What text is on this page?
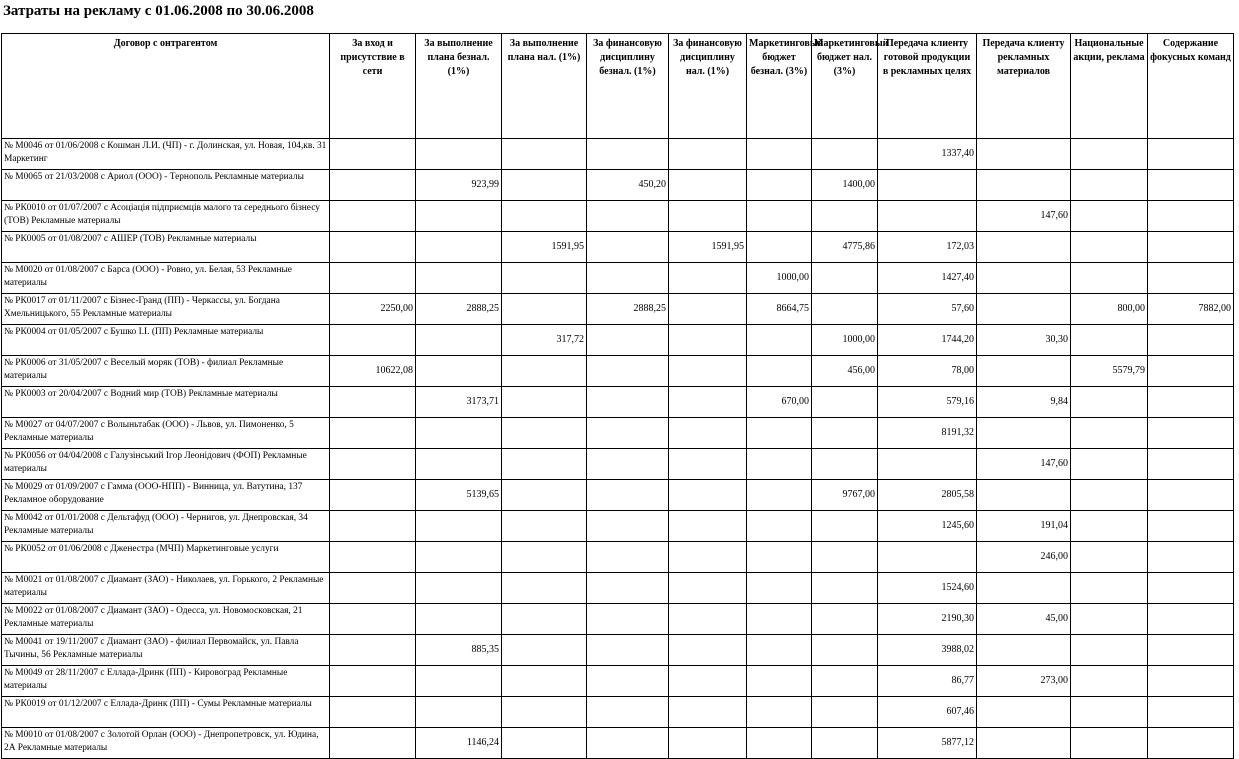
Затраты на рекламу с 01.06.2008 по 30.06.2008
Договор с онтрагентом	За вход и присутствие в сети	За выполнение плана безнал. (1%)	За выполнение плана нал. (1%)	За финансовую дисциплину безнал. (1%)	За финансовую дисциплину нал. (1%)	Маркетинговый бюджет безнал. (3%)	Маркетинговый бюджет нал. (3%)	Передача клиенту готовой продукции в рекламных целях	Передача клиенту рекламных материалов	Национальные акции, реклама	Содержание фокусных команд
№ М0046 от 01/06/2008 с Кошман Л.И. (ЧП) - г. Долинская, ул. Новая, 104,кв. 31 Маркетинг								1337,40			
№ М0065 от 21/03/2008 с Ариол (ООО) - Тернополь Рекламные материалы		923,99		450,20			1400,00				
№ РК0010 от 01/07/2007 с Асоціація підприємців малого та середнього бізнесу (ТОВ) Рекламные материалы									147,60		
№ РК0005 от 01/08/2007 с АШЕР (ТОВ) Рекламные материалы			1591,95		1591,95		4775,86	172,03			
№ М0020 от 01/08/2007 с Барса (ООО) - Ровно, ул. Белая, 53 Рекламные материалы						1000,00		1427,40			
№ РК0017 от 01/11/2007 с Бізнес-Гранд (ПП) - Черкассы, ул. Богдана Хмельницького, 55 Рекламные материалы	2250,00	2888,25		2888,25		8664,75		57,60		800,00	7882,00
№ РК0004 от 01/05/2007 с Бушко І.І. (ПП) Рекламные материалы			317,72				1000,00	1744,20	30,30		
№ РК0006 от 31/05/2007 с Веселый моряк (ТОВ) - филиал Рекламные материалы	10622,08						456,00	78,00		5579,79	
№ РК0003 от 20/04/2007 с Водний мир (ТОВ) Рекламные материалы		3173,71				670,00		579,16	9,84		
№ М0027 от 04/07/2007 с Волыньтабак (ООО) - Львов, ул. Пимоненко, 5 Рекламные материалы								8191,32			
№ РК0056 от 04/04/2008 с Галузінський Ігор Леонідович (ФОП) Рекламные материалы									147,60		
№ М0029 от 01/09/2007 с Гамма (ООО-НПП) - Винница, ул. Ватутина, 137 Рекламное оборудование		5139,65					9767,00	2805,58			
№ М0042 от 01/01/2008 с Дельтафуд (ООО) - Чернигов, ул. Днепровская, 34 Рекламные материалы								1245,60	191,04		
№ РК0052 от 01/06/2008 с Дженестра (МЧП) Маркетинговые услуги									246,00		
№ М0021 от 01/08/2007 с Диамант (ЗАО) - Николаев, ул. Горького, 2 Рекламные материалы								1524,60			
№ М0022 от 01/08/2007 с Диамант (ЗАО) - Одесса, ул. Новомосковская, 21 Рекламные материалы								2190,30	45,00		
№ М0041 от 19/11/2007 с Диамант (ЗАО) - филиал Первомайск, ул. Павла Тычины, 56 Рекламные материалы		885,35						3988,02			
№ М0049 от 28/11/2007 с Еллада-Дринк (ПП) - Кировоград Рекламные материалы								86,77	273,00		
№ РК0019 от 01/12/2007 с Еллада-Дринк (ПП) - Сумы Рекламные материалы								607,46			
№ М0010 от 01/08/2007 с Золотой Орлан (ООО) - Днепропетровск, ул. Юдина, 2А Рекламные материалы		1146,24						5877,12			
